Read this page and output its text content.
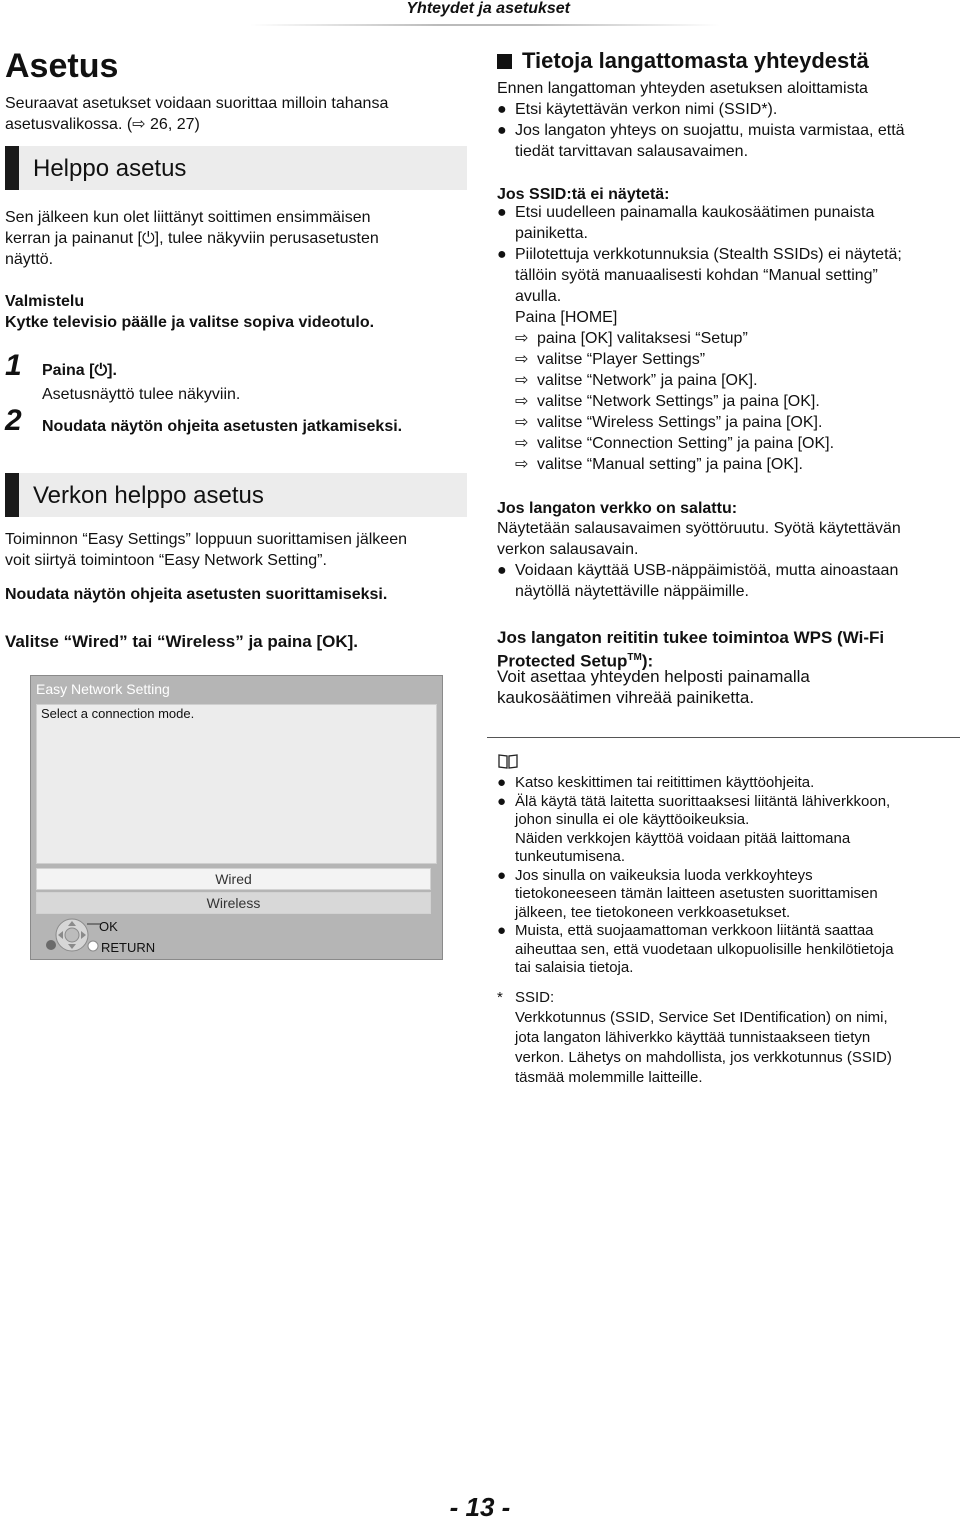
Yhteydet ja asetukset
Asetus
Seuraavat asetukset voidaan suorittaa milloin tahansa
asetusvalikossa. (⇨ 26, 27)
Helppo asetus
Sen jälkeen kun olet liittänyt soittimen ensimmäisen
kerran ja painanut [⏻], tulee näkyviin perusasetusten
näyttö.
Valmistelu
Kytke televisio päälle ja valitse sopiva videotulo.
1 Paina [⏻].
Asetusnäyttö tulee näkyviin.
2 Noudata näytön ohjeita asetusten jatkamiseksi.
Verkon helppo asetus
Toiminnon “Easy Settings” loppuun suorittamisen jälkeen
voit siirtyä toimintoon “Easy Network Setting”.
Noudata näytön ohjeita asetusten suorittamiseksi.
Valitse “Wired” tai “Wireless” ja paina [OK].
Easy Network Setting
Select a connection mode.
Wired
Wireless
OK
RETURN
Tietoja langattomasta yhteydestä
Ennen langattoman yhteyden asetuksen aloittamista
● Etsi käytettävän verkon nimi (SSID*).
● Jos langaton yhteys on suojattu, muista varmistaa, että
tiedät tarvittavan salausavaimen.
Jos SSID:tä ei näytetä:
● Etsi uudelleen painamalla kaukosäätimen punaista
painiketta.
● Piilotettuja verkkotunnuksia (Stealth SSIDs) ei näytetä;
tällöin syötä manuaalisesti kohdan “Manual setting”
avulla.
Paina [HOME]
⇨ paina [OK] valitaksesi “Setup”
⇨ valitse “Player Settings”
⇨ valitse “Network” ja paina [OK].
⇨ valitse “Network Settings” ja paina [OK].
⇨ valitse “Wireless Settings” ja paina [OK].
⇨ valitse “Connection Setting” ja paina [OK].
⇨ valitse “Manual setting” ja paina [OK].
Jos langaton verkko on salattu:
Näytetään salausavaimen syöttöruutu. Syötä käytettävän
verkon salausavain.
● Voidaan käyttää USB-näppäimistöä, mutta ainoastaan
näytöllä näytettäville näppäimille.
Jos langaton reititin tukee toimintoa WPS (Wi-Fi
Protected Setup™):
Voit asettaa yhteyden helposti painamalla
kaukosäätimen vihreää painiketta.
● Katso keskittimen tai reitittimen käyttöohjeita.
● Älä käytä tätä laitetta suorittaaksesi liitäntä lähiverkkoon,
johon sinulla ei ole käyttöoikeuksia.
Näiden verkkojen käyttöä voidaan pitää laittomana
tunkeutumisena.
● Jos sinulla on vaikeuksia luoda verkkoyhteys
tietokoneeseen tämän laitteen asetusten suorittamisen
jälkeen, tee tietokoneen verkkoasetukset.
● Muista, että suojaamattoman verkkoon liitäntä saattaa
aiheuttaa sen, että vuodetaan ulkopuolisille henkilötietoja
tai salaisia tietoja.
* SSID:
Verkkotunnus (SSID, Service Set IDentification) on nimi,
jota langaton lähiverkko käyttää tunnistaakseen tietyn
verkon. Lähetys on mahdollista, jos verkkotunnus (SSID)
täsmää molemmille laitteille.
- 13 -
